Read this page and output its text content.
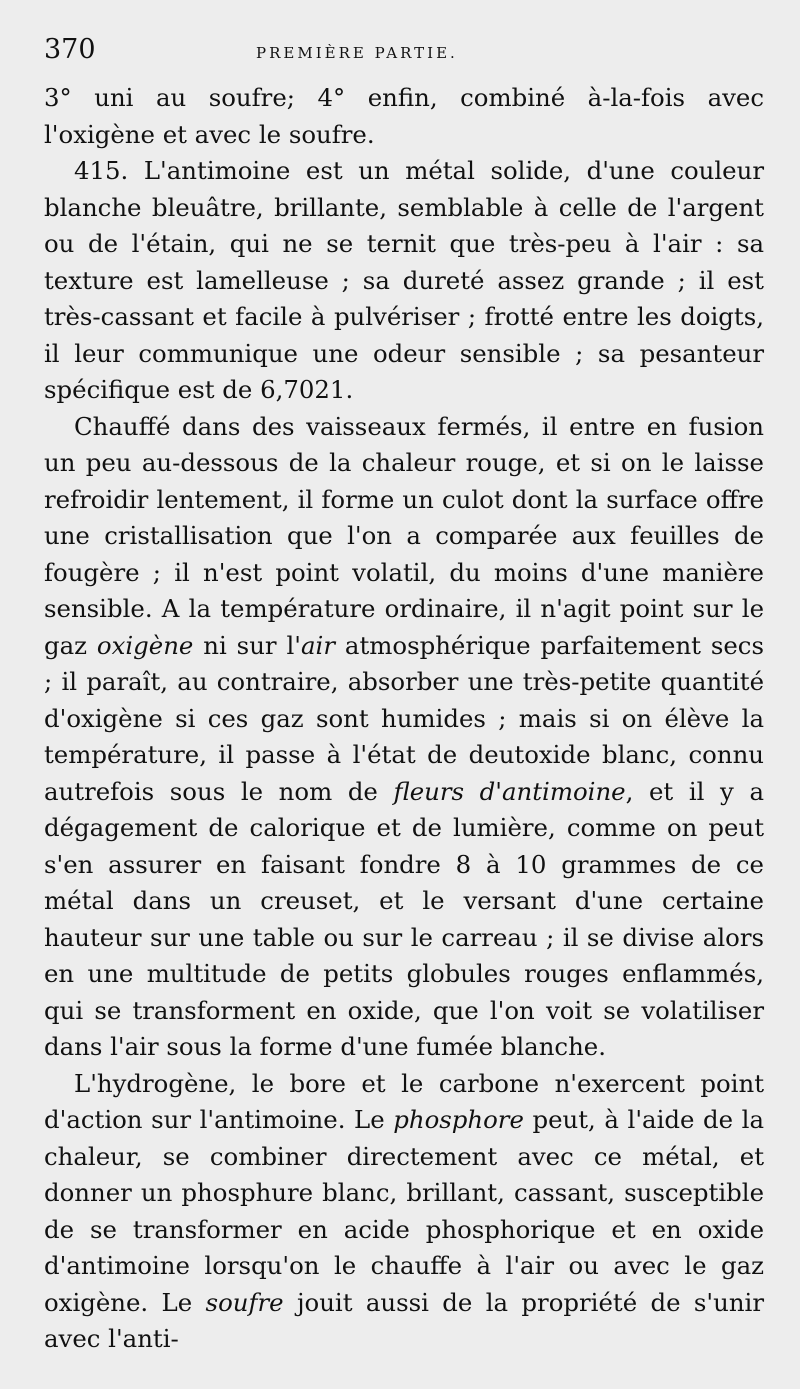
370	PREMIÈRE PARTIE.

3° uni au soufre; 4° enfin, combiné à-la-fois avec l'oxigène et avec le soufre.

415. L'antimoine est un métal solide, d'une couleur blanche bleuâtre, brillante, semblable à celle de l'argent ou de l'étain, qui ne se ternit que très-peu à l'air : sa texture est lamelleuse ; sa dureté assez grande ; il est très-cassant et facile à pulvériser ; frotté entre les doigts, il leur communique une odeur sensible ; sa pesanteur spécifique est de 6,7021.

Chauffé dans des vaisseaux fermés, il entre en fusion un peu au-dessous de la chaleur rouge, et si on le laisse refroidir lentement, il forme un culot dont la surface offre une cristallisation que l'on a comparée aux feuilles de fougère ; il n'est point volatil, du moins d'une manière sensible. A la température ordinaire, il n'agit point sur le gaz oxigène ni sur l'air atmosphérique parfaitement secs ; il paraît, au contraire, absorber une très-petite quantité d'oxigène si ces gaz sont humides ; mais si on élève la température, il passe à l'état de deutoxide blanc, connu autrefois sous le nom de fleurs d'antimoine, et il y a dégagement de calorique et de lumière, comme on peut s'en assurer en faisant fondre 8 à 10 grammes de ce métal dans un creuset, et le versant d'une certaine hauteur sur une table ou sur le carreau ; il se divise alors en une multitude de petits globules rouges enflammés, qui se transforment en oxide, que l'on voit se volatiliser dans l'air sous la forme d'une fumée blanche.

L'hydrogène, le bore et le carbone n'exercent point d'action sur l'antimoine. Le phosphore peut, à l'aide de la chaleur, se combiner directement avec ce métal, et donner un phosphure blanc, brillant, cassant, susceptible de se transformer en acide phosphorique et en oxide d'antimoine lorsqu'on le chauffe à l'air ou avec le gaz oxigène. Le soufre jouit aussi de la propriété de s'unir avec l'anti-
